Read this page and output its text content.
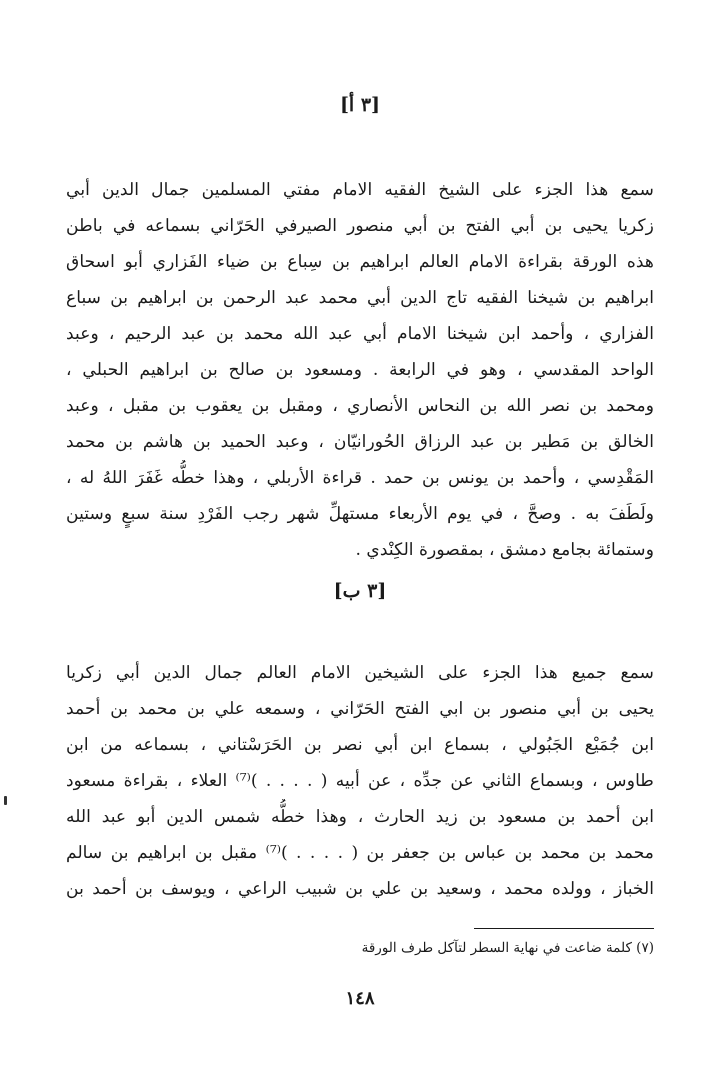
[٣ أ]
سمع هذا الجزء على الشيخ الفقيه الامام مفتي المسلمين جمال الدين أبي
زكريا يحيى بن أبي الفتح بن أبي منصور الصيرفي الحَرّاني بسماعه في باطن
هذه الورقة بقراءة الامام العالم ابراهيم بن سِباع بن ضياء الفَزاري أبو اسحاق
ابراهيم بن شيخنا الفقيه تاج الدين أبي محمد عبد الرحمن بن ابراهيم بن سباع
الفزاري ، وأحمد ابن شيخنا الامام أبي عبد الله محمد بن عبد الرحيم ، وعبد
الواحد المقدسي ، وهو في الرابعة . ومسعود بن صالح بن ابراهيم الحبلي ،
ومحمد بن نصر الله بن النحاس الأنصاري ، ومقبل بن يعقوب بن مقبل ، وعبد
الخالق بن مَطير بن عبد الرزاق الحُورانيّان ، وعبد الحميد بن هاشم بن محمد
المَقْدِسي ، وأحمد بن يونس بن حمد . قراءة الأربلي ، وهذا خطُّه غَفَرَ اللهُ له ،
ولَطَفَ به . وصحَّ ، في يوم الأربعاء مستهلِّ شهر رجب الفَرْدِ سنة سبعٍ وستين
وستمائة بجامع دمشق ، بمقصورة الكِنْدي .
[٣ ب]
سمع جميع هذا الجزء على الشيخين الامام العالم جمال الدين أبي زكريا
يحيى بن أبي منصور بن ابي الفتح الحَرّاني ، وسمعه علي بن محمد بن أحمد
ابن جُمَيْع الجَبُولي ، بسماع ابن أبي نصر بن الحَرَسْتاني ، بسماعه من ابن
طاوس ، وبسماع الثاني عن جدِّه ، عن أبيه ( . . . . )⁽⁷⁾ العلاء ، بقراءة مسعود
ابن أحمد بن مسعود بن زيد الحارث ، وهذا خطُّه شمس الدين أبو عبد الله
محمد بن محمد بن عباس بن جعفر بن ( . . . . )⁽⁷⁾ مقبل بن ابراهيم بن سالم
الخباز ، وولده محمد ، وسعيد بن علي بن شبيب الراعي ، ويوسف بن أحمد بن
(٧) كلمة ضاعت في نهاية السطر لتآكل طرف الورقة
١٤٨
